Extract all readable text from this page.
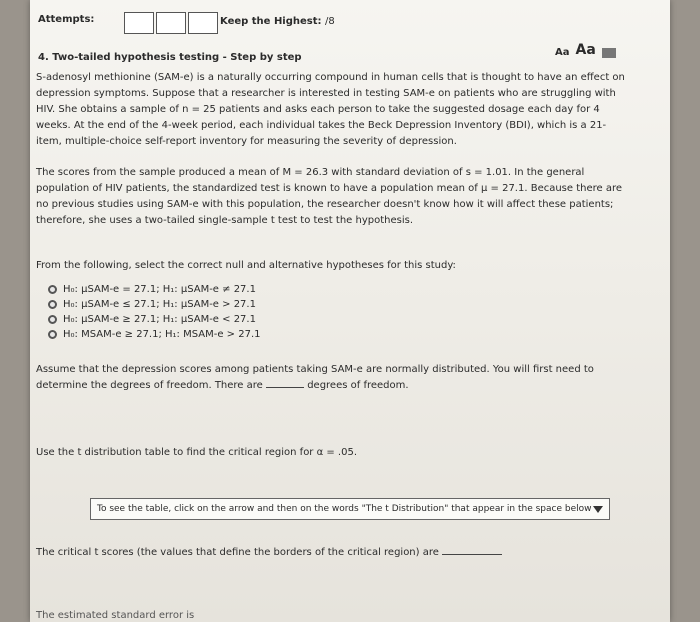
Attempts:	Keep the Highest: /8
4. Two-tailed hypothesis testing - Step by step	Aa Aa
S-adenosyl methionine (SAM-e) is a naturally occurring compound in human cells that is thought to have an effect on depression symptoms. Suppose that a researcher is interested in testing SAM-e on patients who are struggling with HIV. She obtains a sample of n = 25 patients and asks each person to take the suggested dosage each day for 4 weeks. At the end of the 4-week period, each individual takes the Beck Depression Inventory (BDI), which is a 21-item, multiple-choice self-report inventory for measuring the severity of depression.
The scores from the sample produced a mean of M = 26.3 with standard deviation of s = 1.01. In the general population of HIV patients, the standardized test is known to have a population mean of μ = 27.1. Because there are no previous studies using SAM-e with this population, the researcher doesn't know how it will affect these patients; therefore, she uses a two-tailed single-sample t test to test the hypothesis.
From the following, select the correct null and alternative hypotheses for this study:
H₀: μSAM-e = 27.1; H₁: μSAM-e ≠ 27.1
H₀: μSAM-e ≤ 27.1; H₁: μSAM-e > 27.1
H₀: μSAM-e ≥ 27.1; H₁: μSAM-e < 27.1
H₀: MSAM-e ≥ 27.1; H₁: MSAM-e > 27.1
Assume that the depression scores among patients taking SAM-e are normally distributed. You will first need to determine the degrees of freedom. There are	degrees of freedom.
Use the t distribution table to find the critical region for α = .05.
To see the table, click on the arrow and then on the words "The t Distribution" that appear in the space below
The critical t scores (the values that define the borders of the critical region) are
The estimated standard error is
